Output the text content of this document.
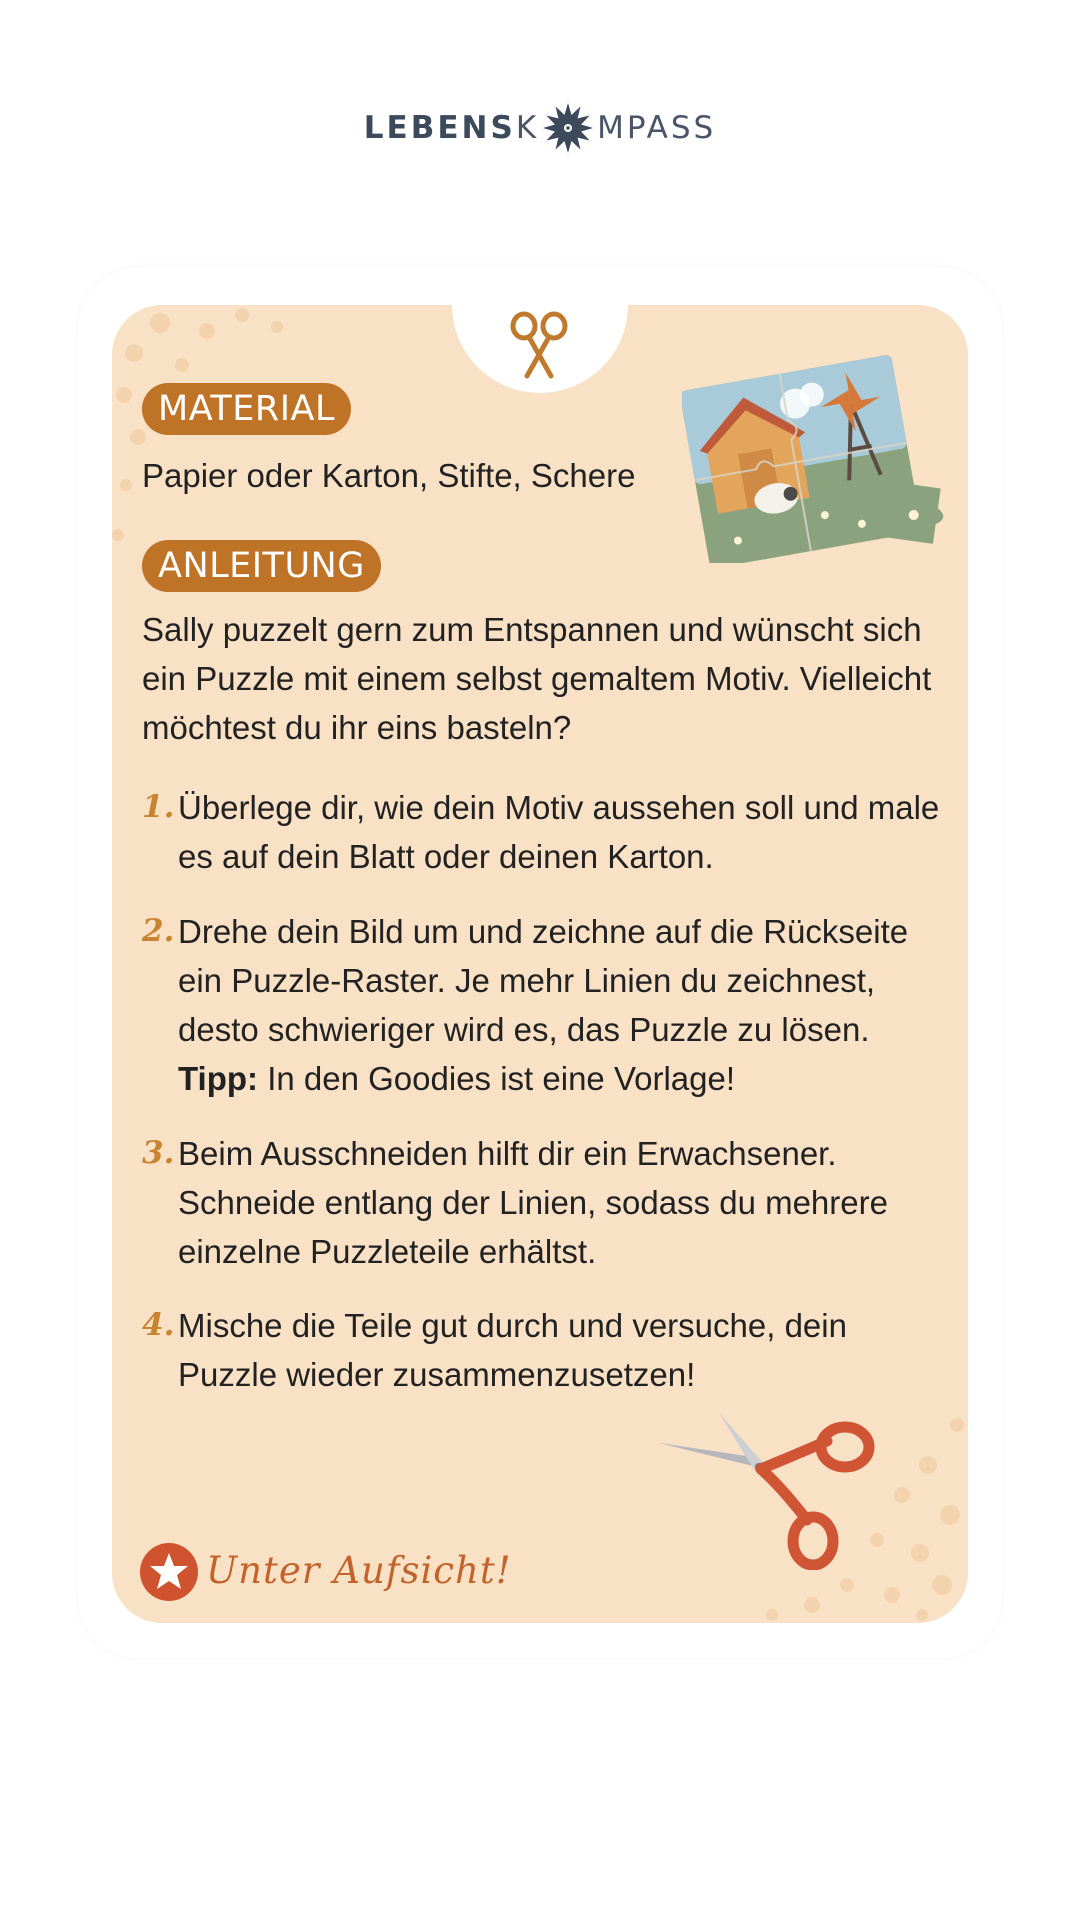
LEBENS K MPASS
MATERIAL
Papier oder Karton, Stifte, Schere
ANLEITUNG
Sally puzzelt gern zum Entspannen und wünscht sich ein Puzzle mit einem selbst gemaltem Motiv. Vielleicht möchtest du ihr eins basteln?
1. Überlege dir, wie dein Motiv aussehen soll und male es auf dein Blatt oder deinen Karton.
2. Drehe dein Bild um und zeichne auf die Rückseite ein Puzzle-Raster. Je mehr Linien du zeichnest, desto schwieriger wird es, das Puzzle zu lösen. Tipp: In den Goodies ist eine Vorlage!
3. Beim Ausschneiden hilft dir ein Erwachsener. Schneide entlang der Linien, sodass du mehrere einzelne Puzzleteile erhältst.
4. Mische die Teile gut durch und versuche, dein Puzzle wieder zusammenzusetzen!
Unter Aufsicht!
